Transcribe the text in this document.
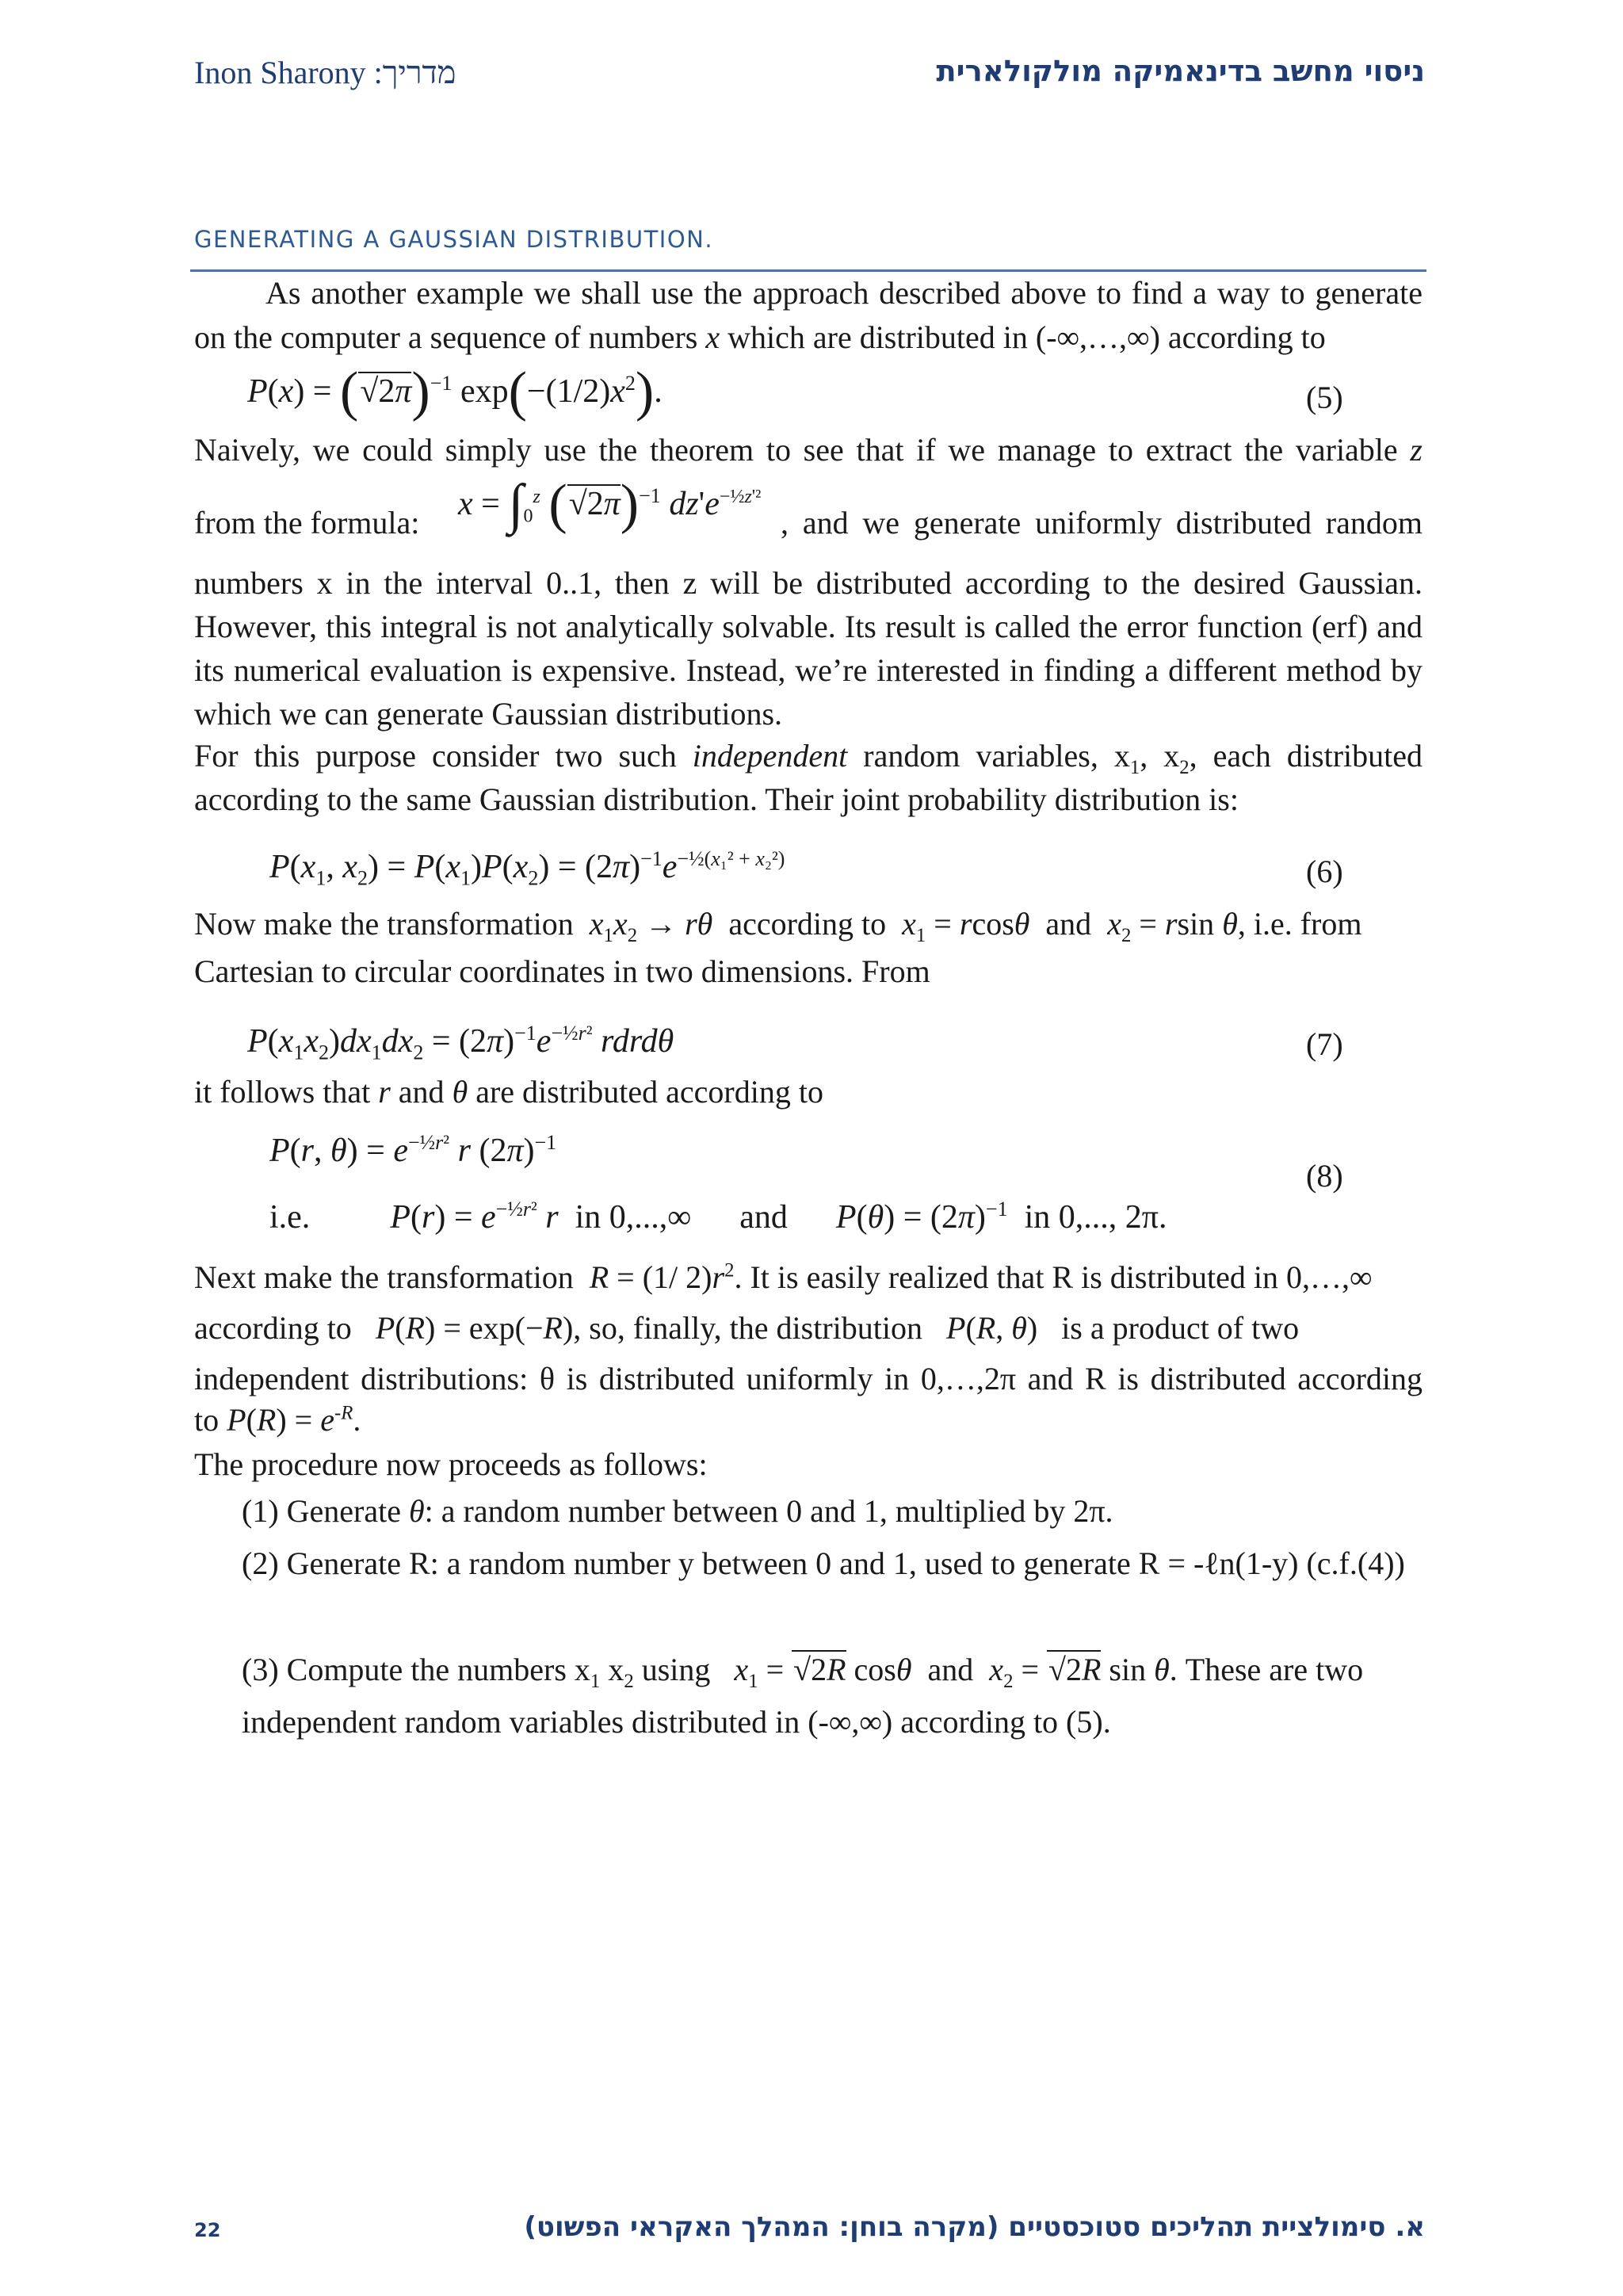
Inon Sharony :מדריך	ניסוי מחשב בדינאמיקה מולקולארית
GENERATING A GAUSSIAN DISTRIBUTION.
As another example we shall use the approach described above to find a way to generate
on the computer a sequence of numbers x which are distributed in (-∞,…,∞) according to
$P(x) = (√2\pi)^{-1}$ $\exp(-(1/2)x^2)$.	(5)
Naively, we could simply use the theorem to see that if we manage to extract the variable z
from the formula:
$x = \int_0^z$ $(√2\pi)^{-1}$ $dz'e^{-\frac{1}{2}z'^2}$
, and we generate uniformly distributed random
numbers x in the interval 0..1, then z will be distributed according to the desired Gaussian. However, this integral is not analytically solvable. Its result is called the error function (erf) and its numerical evaluation is expensive. Instead, we’re interested in finding a different method by which we can generate Gaussian distributions.
For this purpose consider two such independent random variables, $x_1$, $x_2$, each distributed according to the same Gaussian distribution. Their joint probability distribution is:
$P(x_1$, $x_2) = P(x_1)P(x_2) = (2\pi)^{-1}e^{-\frac{1}{2}(x_1^2 + x_2^2)}$	(6)
Now make the transformation $x_1x_2 \to r\theta$ according to $x_1 = rcos\theta$ and $x_2 = rsin$ θ, i.e. from
Cartesian to circular coordinates in two dimensions. From
$P(x_1x_2)dx_1dx_2 = (2\pi)^{-1}e^{-\frac{1}{2}r^2}$ rdrdθ	(7)
it follows that r and θ are distributed according to
P(r, $\theta) = e^{-\frac{1}{2}r^2}$ r $(2\pi)^{-1}$
i.e. $P(r) = e^{-\frac{1}{2}r^2}$ r in 0,...,∞ and $P(\theta) = (2\pi)^{-1}$ in 0,..., 2π.
(8)
Next make the transformation R = (1/ $2)r^2$. It is easily realized that R is distributed in 0,…,∞
according to P(R) = exp(−R), so, finally, the distribution P(R, θ)   is a product of two
independent distributions: θ is distributed uniformly in 0,…,2π and R is distributed according
to $P(R) = e^{-R}$.
The procedure now proceeds as follows:
(1) Generate θ: a random number between 0 and 1, multiplied by 2π.
(2) Generate R: a random number y between 0 and 1, used to generate R = -ℓn(1-y) (c.f.(4))
(3) Compute the numbers $x_1$ $x_2$ using $x_1 = √2R$ cosθ and $x_2 = √2R$ sin θ. These are two
independent random variables distributed in (-∞,∞) according to (5).
22	א. סימולציית תהליכים סטוכסטיים (מקרה בוחן: המהלך האקראי הפשוט)
